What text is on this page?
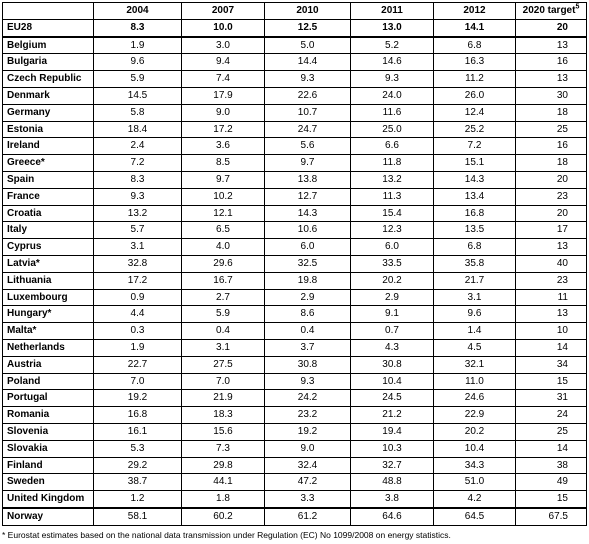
	2004	2007	2010	2011	2012	2020 target$^5$
EU28	8.3	10.0	12.5	13.0	14.1	20
Belgium	1.9	3.0	5.0	5.2	6.8	13
Bulgaria	9.6	9.4	14.4	14.6	16.3	16
Czech Republic	5.9	7.4	9.3	9.3	11.2	13
Denmark	14.5	17.9	22.6	24.0	26.0	30
Germany	5.8	9.0	10.7	11.6	12.4	18
Estonia	18.4	17.2	24.7	25.0	25.2	25
Ireland	2.4	3.6	5.6	6.6	7.2	16
Greece*	7.2	8.5	9.7	11.8	15.1	18
Spain	8.3	9.7	13.8	13.2	14.3	20
France	9.3	10.2	12.7	11.3	13.4	23
Croatia	13.2	12.1	14.3	15.4	16.8	20
Italy	5.7	6.5	10.6	12.3	13.5	17
Cyprus	3.1	4.0	6.0	6.0	6.8	13
Latvia*	32.8	29.6	32.5	33.5	35.8	40
Lithuania	17.2	16.7	19.8	20.2	21.7	23
Luxembourg	0.9	2.7	2.9	2.9	3.1	11
Hungary*	4.4	5.9	8.6	9.1	9.6	13
Malta*	0.3	0.4	0.4	0.7	1.4	10
Netherlands	1.9	3.1	3.7	4.3	4.5	14
Austria	22.7	27.5	30.8	30.8	32.1	34
Poland	7.0	7.0	9.3	10.4	11.0	15
Portugal	19.2	21.9	24.2	24.5	24.6	31
Romania	16.8	18.3	23.2	21.2	22.9	24
Slovenia	16.1	15.6	19.2	19.4	20.2	25
Slovakia	5.3	7.3	9.0	10.3	10.4	14
Finland	29.2	29.8	32.4	32.7	34.3	38
Sweden	38.7	44.1	47.2	48.8	51.0	49
United Kingdom	1.2	1.8	3.3	3.8	4.2	15
Norway	58.1	60.2	61.2	64.6	64.5	67.5
* Eurostat estimates based on the national data transmission under Regulation (EC) No 1099/2008 on energy statistics.
